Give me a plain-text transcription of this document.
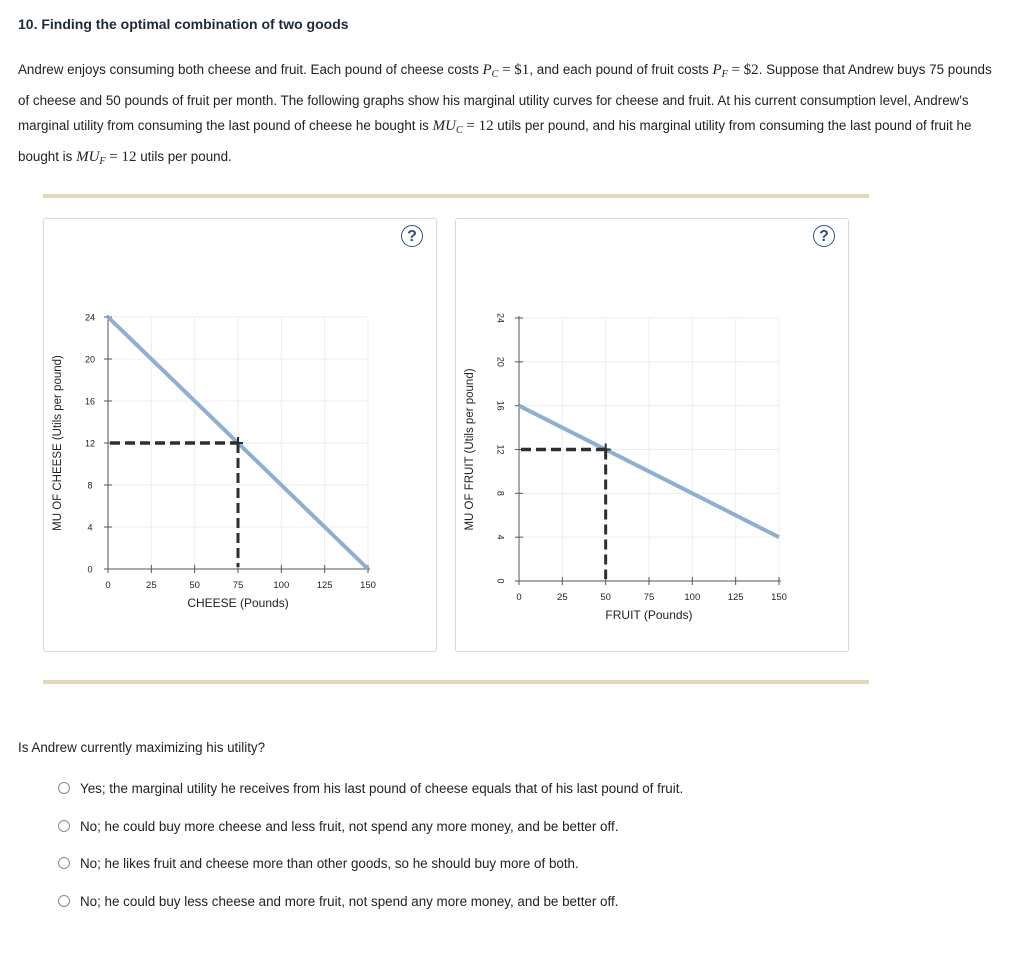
10. Finding the optimal combination of two goods

Andrew enjoys consuming both cheese and fruit. Each pound of cheese costs $P_C$ = $1, and each pound of fruit costs $P_F$ = $2. Suppose that Andrew buys 75 pounds of cheese and 50 pounds of fruit per month. The following graphs show his marginal utility curves for cheese and fruit. At his current consumption level, Andrew's marginal utility from consuming the last pound of cheese he bought is $MU_C = 12$ utils per pound, and his marginal utility from consuming the last pound of fruit he bought is $MU_F = 12$ utils per pound.

0
4
8
12
16
20
24
0	25	50	75	100	125	150
CHEESE (Pounds)
MU OF CHEESE (Utils per pound)
?
0
4
8
12
16
20
24
0	25	50	75	100	125	150
FRUIT (Pounds)
MU OF FRUIT (Utils per pound)
?

Is Andrew currently maximizing his utility?

Yes; the marginal utility he receives from his last pound of cheese equals that of his last pound of fruit.
No; he could buy more cheese and less fruit, not spend any more money, and be better off.
No; he likes fruit and cheese more than other goods, so he should buy more of both.
No; he could buy less cheese and more fruit, not spend any more money, and be better off.
